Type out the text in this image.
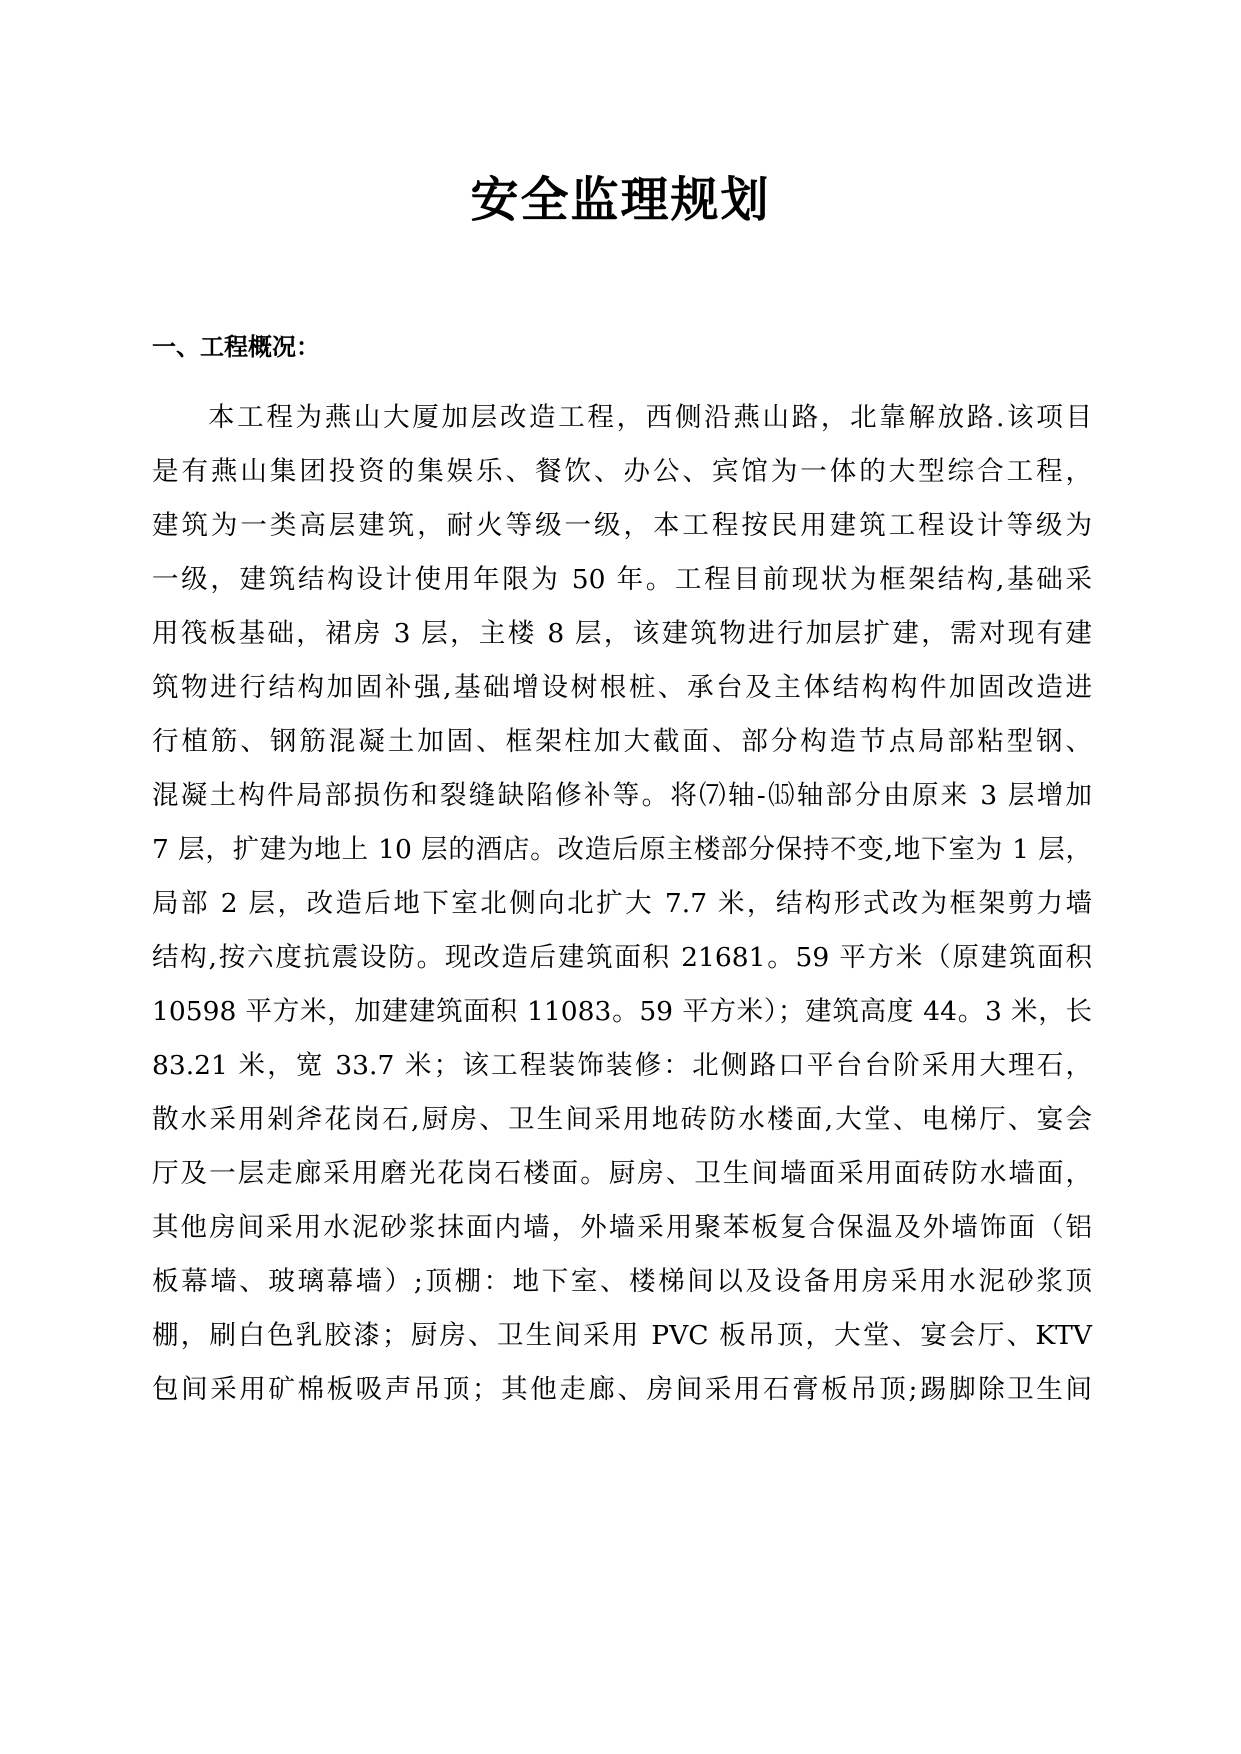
安全监理规划
一、工程概况：
本工程为燕山大厦加层改造工程，西侧沿燕山路，北靠解放路.该项目
是有燕山集团投资的集娱乐、餐饮、办公、宾馆为一体的大型综合工程，
建筑为一类高层建筑，耐火等级一级，本工程按民用建筑工程设计等级为
一级，建筑结构设计使用年限为 50 年。工程目前现状为框架结构,基础采
用筏板基础，裙房 3 层，主楼 8 层，该建筑物进行加层扩建，需对现有建
筑物进行结构加固补强,基础增设树根桩、承台及主体结构构件加固改造进
行植筋、钢筋混凝土加固、框架柱加大截面、部分构造节点局部粘型钢、
混凝土构件局部损伤和裂缝缺陷修补等。将⑺轴-⒂轴部分由原来 3 层增加
7 层，扩建为地上 10 层的酒店。改造后原主楼部分保持不变,地下室为 1 层，
局部 2 层，改造后地下室北侧向北扩大 7.7 米，结构形式改为框架剪力墙
结构,按六度抗震设防。现改造后建筑面积 21681。59 平方米（原建筑面积
10598 平方米，加建建筑面积 11083。59 平方米）；建筑高度 44。3 米，长
83.21 米，宽 33.7 米；该工程装饰装修：北侧路口平台台阶采用大理石，
散水采用剁斧花岗石,厨房、卫生间采用地砖防水楼面,大堂、电梯厅、宴会
厅及一层走廊采用磨光花岗石楼面。厨房、卫生间墙面采用面砖防水墙面，
其他房间采用水泥砂浆抹面内墙，外墙采用聚苯板复合保温及外墙饰面（铝
板幕墙、玻璃幕墙）;顶棚：地下室、楼梯间以及设备用房采用水泥砂浆顶
棚，刷白色乳胶漆；厨房、卫生间采用 PVC 板吊顶，大堂、宴会厅、KTV
包间采用矿棉板吸声吊顶；其他走廊、房间采用石膏板吊顶;踢脚除卫生间
